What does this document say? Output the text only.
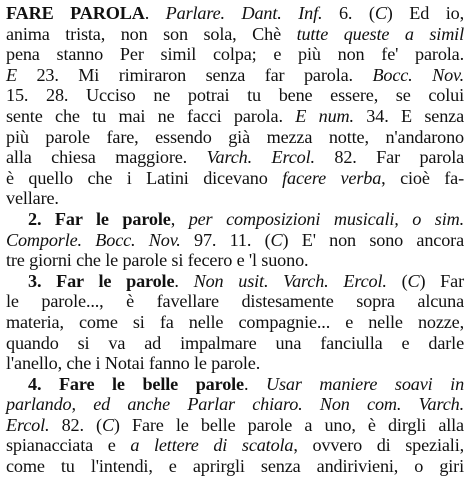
FARE PAROLA. Parlare. Dant. Inf. 6. (C) Ed io,
anima trista, non son sola, Chè tutte queste a simil
pena stanno Per simil colpa; e più non fe' parola.
E 23. Mi rimiraron senza far parola. Bocc. Nov.
15. 28. Ucciso ne potrai tu bene essere, se colui
sente che tu mai ne facci parola. E num. 34. E senza
più parole fare, essendo già mezza notte, n'andarono
alla chiesa maggiore. Varch. Ercol. 82. Far parola
è quello che i Latini dicevano facere verba, cioè fa-
vellare.
2. Far le parole, per composizioni musicali, o sim.
Comporle. Bocc. Nov. 97. 11. (C) E' non sono ancora
tre giorni che le parole si fecero e 'l suono.
3. Far le parole. Non usit. Varch. Ercol. (C) Far
le parole..., è favellare distesamente sopra alcuna
materia, come si fa nelle compagnie... e nelle nozze,
quando si va ad impalmare una fanciulla e darle
l'anello, che i Notai fanno le parole.
4. Fare le belle parole. Usar maniere soavi in
parlando, ed anche Parlar chiaro. Non com. Varch.
Ercol. 82. (C) Fare le belle parole a uno, è dirgli alla
spianacciata e a lettere di scatola, ovvero di speziali,
come tu l'intendi, e aprirgli senza andirivieni, o giri
